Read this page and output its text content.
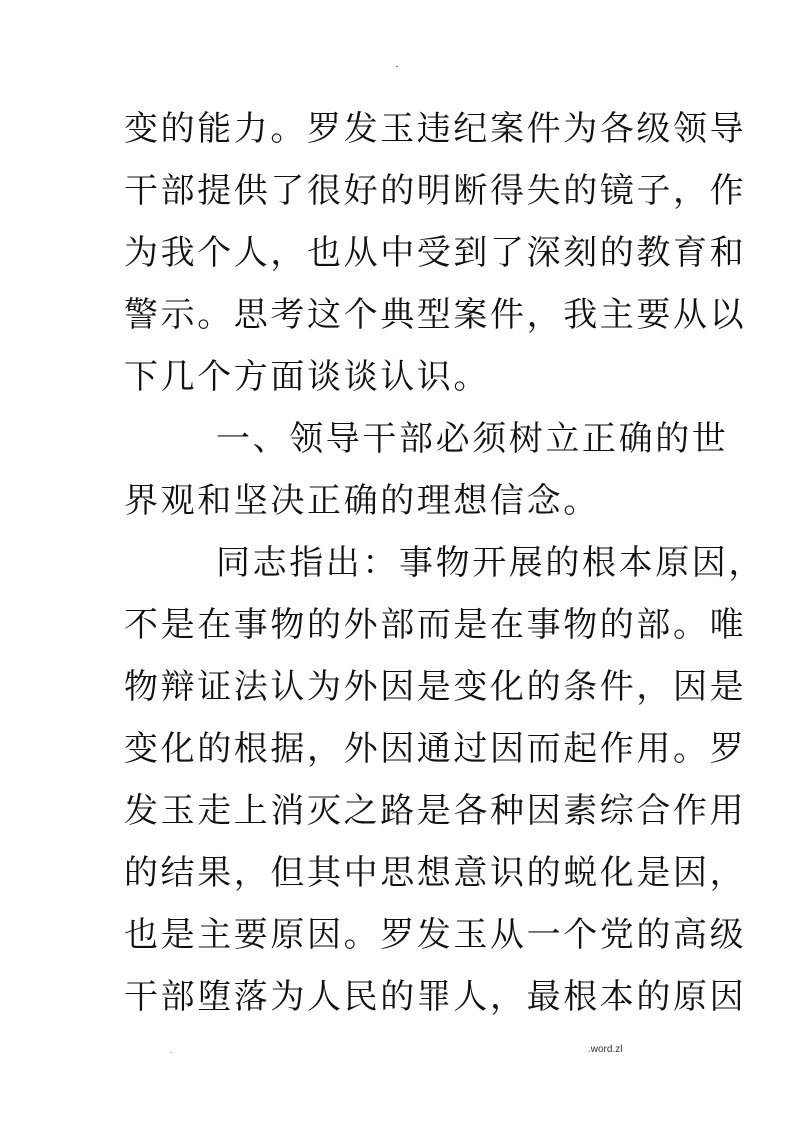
-
变的能力。罗发玉违纪案件为各级领导
干部提供了很好的明断得失的镜子，作
为我个人，也从中受到了深刻的教育和
警示。思考这个典型案件，我主要从以
下几个方面谈谈认识。
一、领导干部必须树立正确的世
界观和坚决正确的理想信念。
同志指出：事物开展的根本原因，
不是在事物的外部而是在事物的部。唯
物辩证法认为外因是变化的条件，因是
变化的根据，外因通过因而起作用。罗
发玉走上消灭之路是各种因素综合作用
的结果，但其中思想意识的蜕化是因，
也是主要原因。罗发玉从一个党的高级
干部堕落为人民的罪人，最根本的原因
.	.word.zl
